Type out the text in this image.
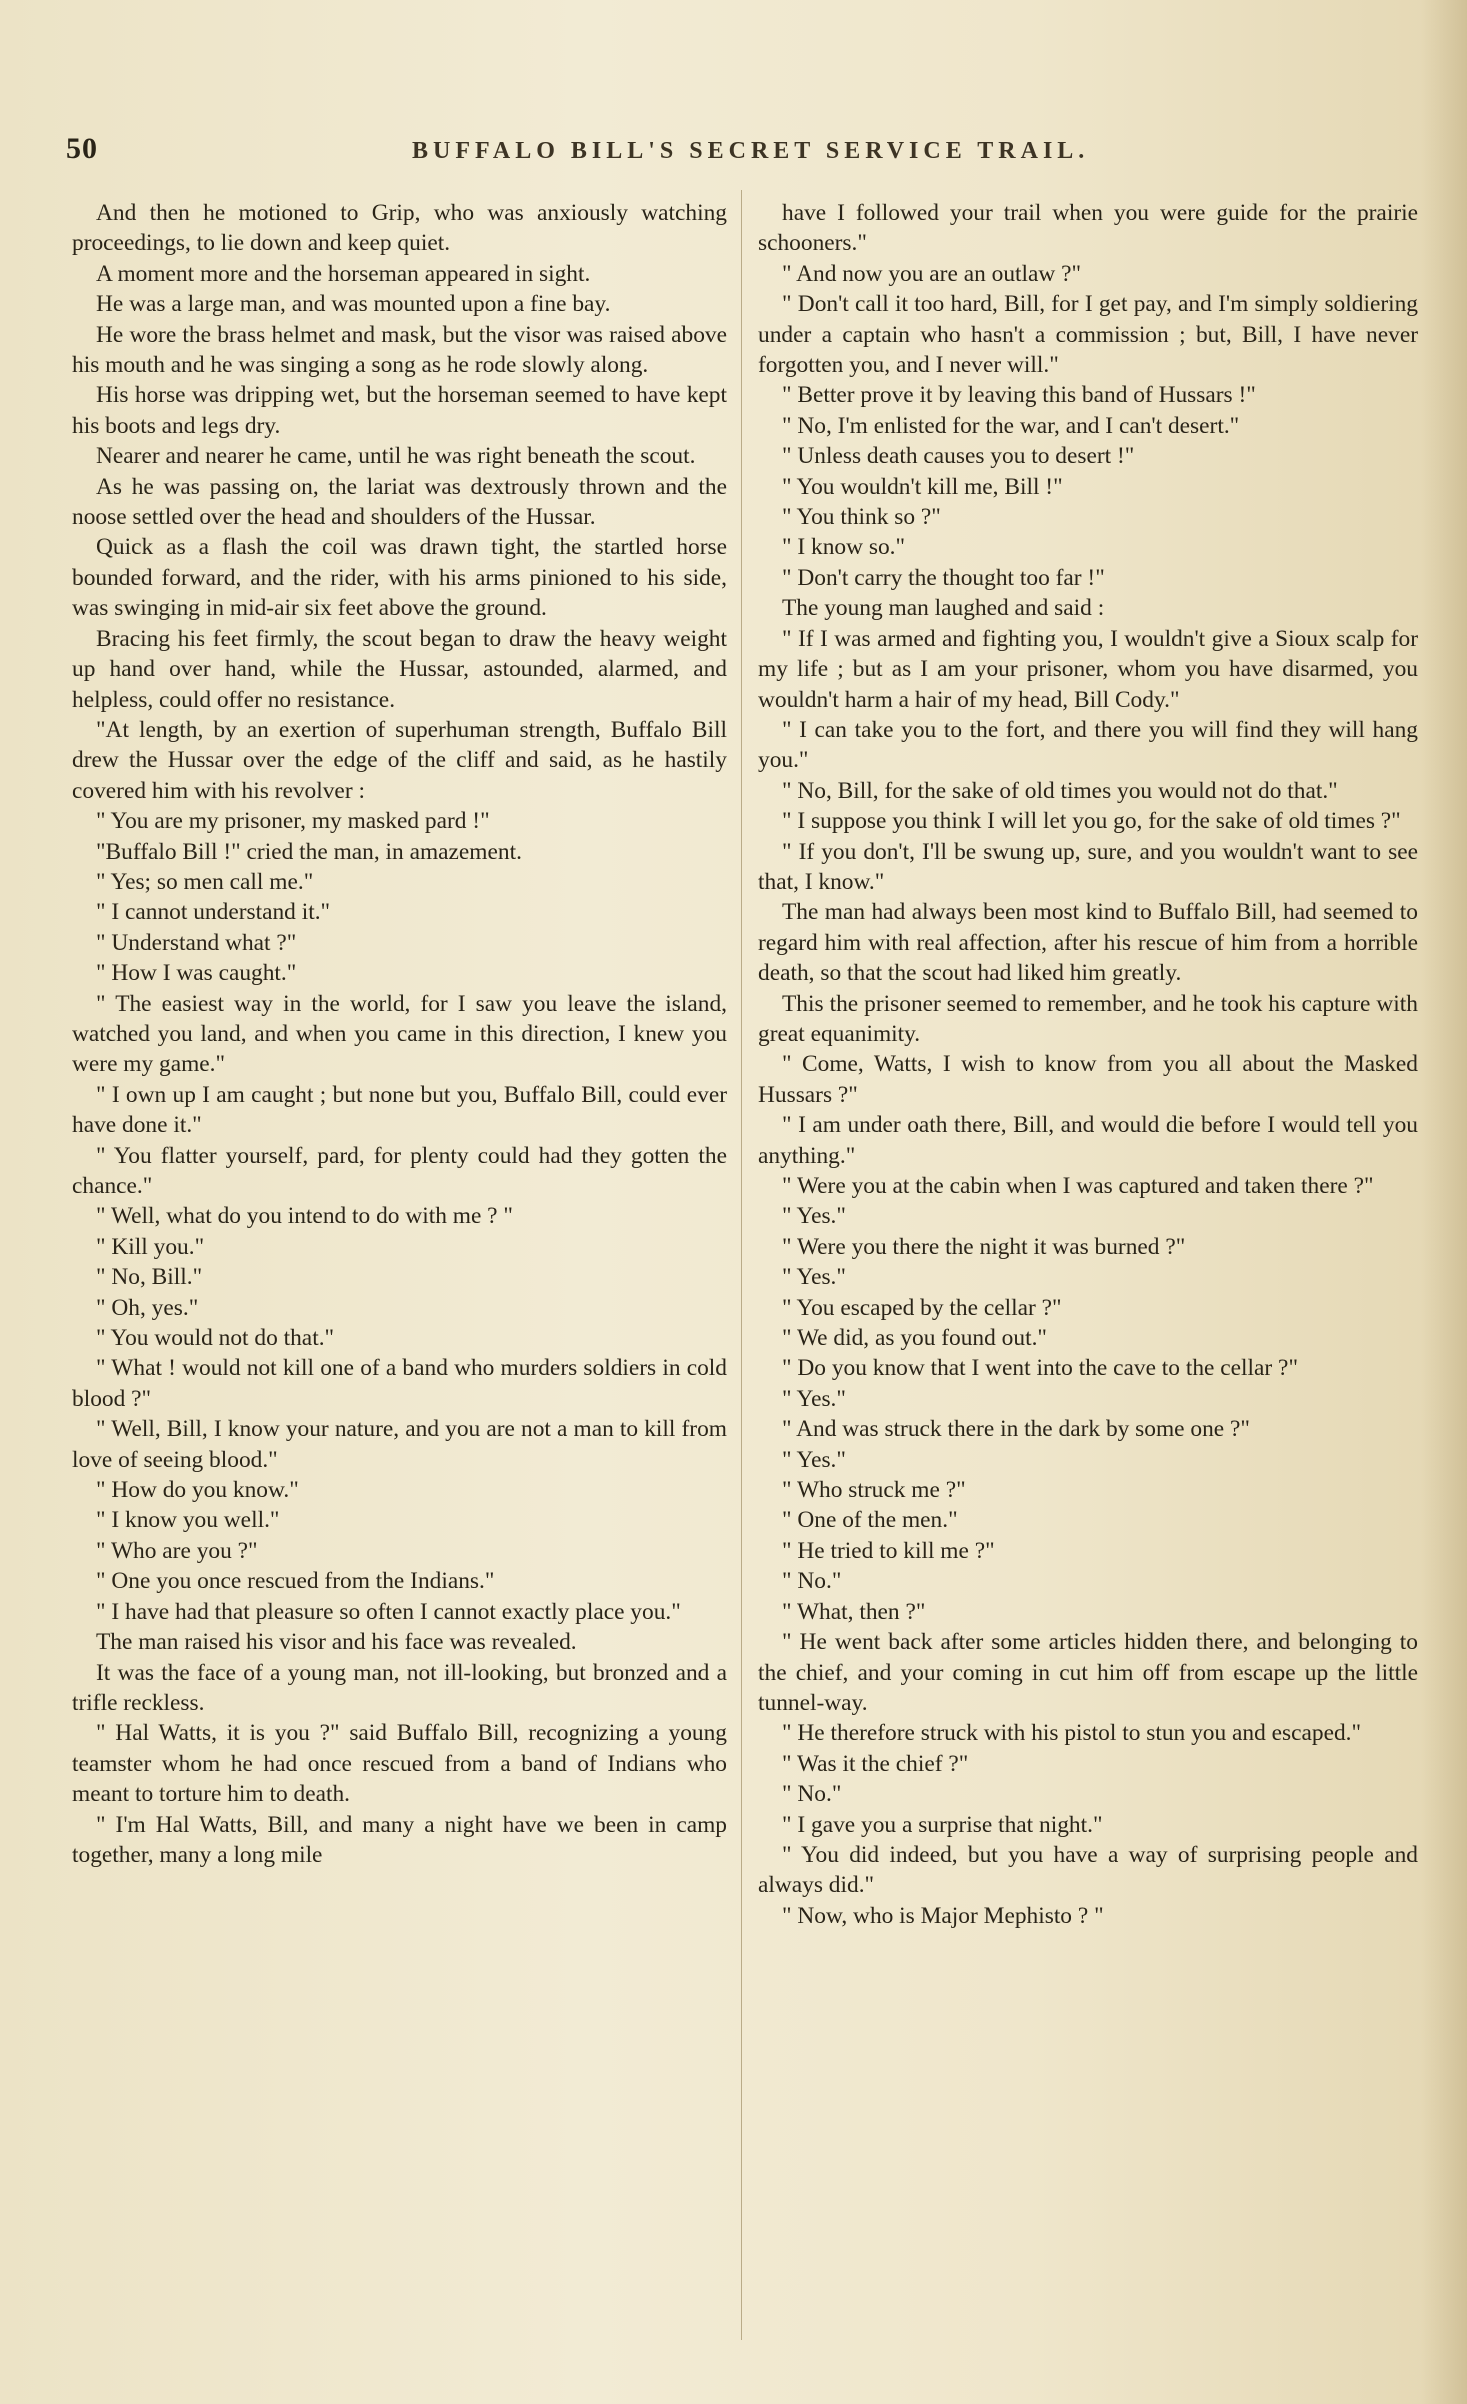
50	BUFFALO BILL'S SECRET SERVICE TRAIL.

And then he motioned to Grip, who was anxiously watching proceedings, to lie down and keep quiet.

A moment more and the horseman appeared in sight.

He was a large man, and was mounted upon a fine bay.

He wore the brass helmet and mask, but the visor was raised above his mouth and he was singing a song as he rode slowly along.

His horse was dripping wet, but the horseman seemed to have kept his boots and legs dry.

Nearer and nearer he came, until he was right beneath the scout.

As he was passing on, the lariat was dextrously thrown and the noose settled over the head and shoulders of the Hussar.

Quick as a flash the coil was drawn tight, the startled horse bounded forward, and the rider, with his arms pinioned to his side, was swinging in mid-air six feet above the ground.

Bracing his feet firmly, the scout began to draw the heavy weight up hand over hand, while the Hussar, astounded, alarmed, and helpless, could offer no resistance.

"At length, by an exertion of superhuman strength, Buffalo Bill drew the Hussar over the edge of the cliff and said, as he hastily covered him with his revolver :

" You are my prisoner, my masked pard !"

"Buffalo Bill !" cried the man, in amazement.

" Yes; so men call me."

" I cannot understand it."

" Understand what ?"

" How I was caught."

" The easiest way in the world, for I saw you leave the island, watched you land, and when you came in this direction, I knew you were my game."

" I own up I am caught ; but none but you, Buffalo Bill, could ever have done it."

" You flatter yourself, pard, for plenty could had they gotten the chance."

" Well, what do you intend to do with me ? "

" Kill you."

" No, Bill."

" Oh, yes."

" You would not do that."

" What ! would not kill one of a band who murders soldiers in cold blood ?"

" Well, Bill, I know your nature, and you are not a man to kill from love of seeing blood."

" How do you know."

" I know you well."

" Who are you ?"

" One you once rescued from the Indians."

" I have had that pleasure so often I cannot exactly place you."

The man raised his visor and his face was revealed.

It was the face of a young man, not ill-looking, but bronzed and a trifle reckless.

" Hal Watts, it is you ?" said Buffalo Bill, recognizing a young teamster whom he had once rescued from a band of Indians who meant to torture him to death.

" I'm Hal Watts, Bill, and many a night have we been in camp together, many a long mile

have I followed your trail when you were guide for the prairie schooners."

" And now you are an outlaw ?"

" Don't call it too hard, Bill, for I get pay, and I'm simply soldiering under a captain who hasn't a commission ; but, Bill, I have never forgotten you, and I never will."

" Better prove it by leaving this band of Hussars !"

" No, I'm enlisted for the war, and I can't desert."

" Unless death causes you to desert !"

" You wouldn't kill me, Bill !"

" You think so ?"

" I know so."

" Don't carry the thought too far !"

The young man laughed and said :

" If I was armed and fighting you, I wouldn't give a Sioux scalp for my life ; but as I am your prisoner, whom you have disarmed, you wouldn't harm a hair of my head, Bill Cody."

" I can take you to the fort, and there you will find they will hang you."

" No, Bill, for the sake of old times you would not do that."

" I suppose you think I will let you go, for the sake of old times ?"

" If you don't, I'll be swung up, sure, and you wouldn't want to see that, I know."

The man had always been most kind to Buffalo Bill, had seemed to regard him with real affection, after his rescue of him from a horrible death, so that the scout had liked him greatly.

This the prisoner seemed to remember, and he took his capture with great equanimity.

" Come, Watts, I wish to know from you all about the Masked Hussars ?"

" I am under oath there, Bill, and would die before I would tell you anything."

" Were you at the cabin when I was captured and taken there ?"

" Yes."

" Were you there the night it was burned ?"

" Yes."

" You escaped by the cellar ?"

" We did, as you found out."

" Do you know that I went into the cave to the cellar ?"

" Yes."

" And was struck there in the dark by some one ?"

" Yes."

" Who struck me ?"

" One of the men."

" He tried to kill me ?"

" No."

" What, then ?"

" He went back after some articles hidden there, and belonging to the chief, and your coming in cut him off from escape up the little tunnel-way.

" He therefore struck with his pistol to stun you and escaped."

" Was it the chief ?"

" No."

" I gave you a surprise that night."

" You did indeed, but you have a way of surprising people and always did."

" Now, who is Major Mephisto ? "
